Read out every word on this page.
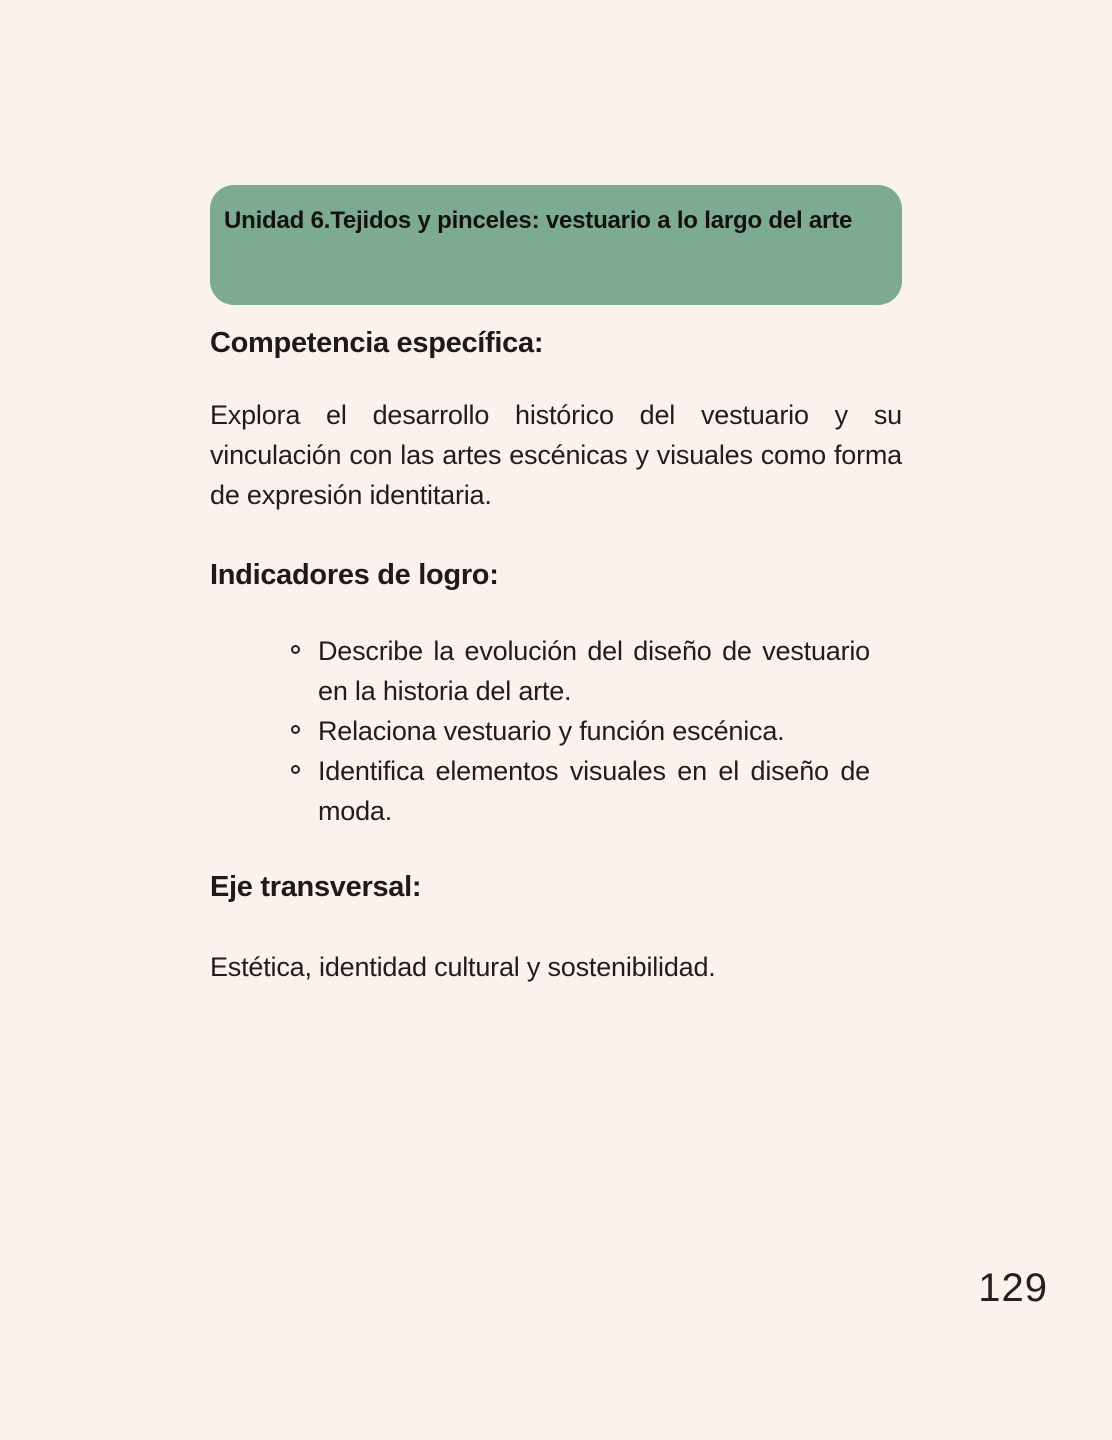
Unidad 6.Tejidos y pinceles: vestuario a lo largo del arte
Competencia específica:

Explora el desarrollo histórico del vestuario y su vinculación con las artes escénicas y visuales como forma de expresión identitaria.

Indicadores de logro:
Describe la evolución del diseño de vestuario en la historia del arte.
Relaciona vestuario y función escénica.
Identifica elementos visuales en el diseño de moda.
Eje transversal:

Estética, identidad cultural y sostenibilidad.

129
